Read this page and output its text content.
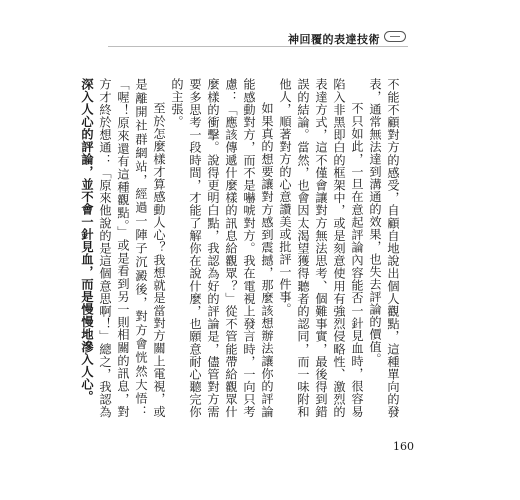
神回覆的表達技術

不能不顧對方的感受，自顧自地說出個人觀點，這種單向的發表，通常無法達到溝通的效果，也失去評論的價值。

不只如此，一旦在意起評論內容能否一針見血時，很容易陷入非黑即白的框架中，或是刻意使用有強烈侵略性、激烈的表達方式，這不僅會讓對方無法思考、個難事實，最後得到錯誤的結論。當然，也會因太渴望獲得聽者的認同，而一味附和他人，順著對方的心意讚美或批評一件事。

如果真的想要讓對方感到震撼，那麼該想辦法讓你的評論能感動對方，而不是嚇唬對方。我在電視上發言時，一向只考慮：「應該傳遞什麼樣的訊息給觀眾？」從不管能帶給觀眾什麼樣的衝擊。說得更明白點，我認為好的評論是，儘管對方需要多思考一段時間，才能了解你在說什麼，也願意耐心聽完你的主張。

至於怎麼樣才算感動人心？我想就是當對方關上電視，或是離開社群網站，經過一陣子沉澱後，對方會恍然大悟：「喔！原來還有這種觀點。」或是看到另一則相關的訊息，對方才終於想通：「原來他說的是這個意思啊！」總之，我認為深入人心的評論，並不會一針見血，而是慢慢地滲入人心。

160
